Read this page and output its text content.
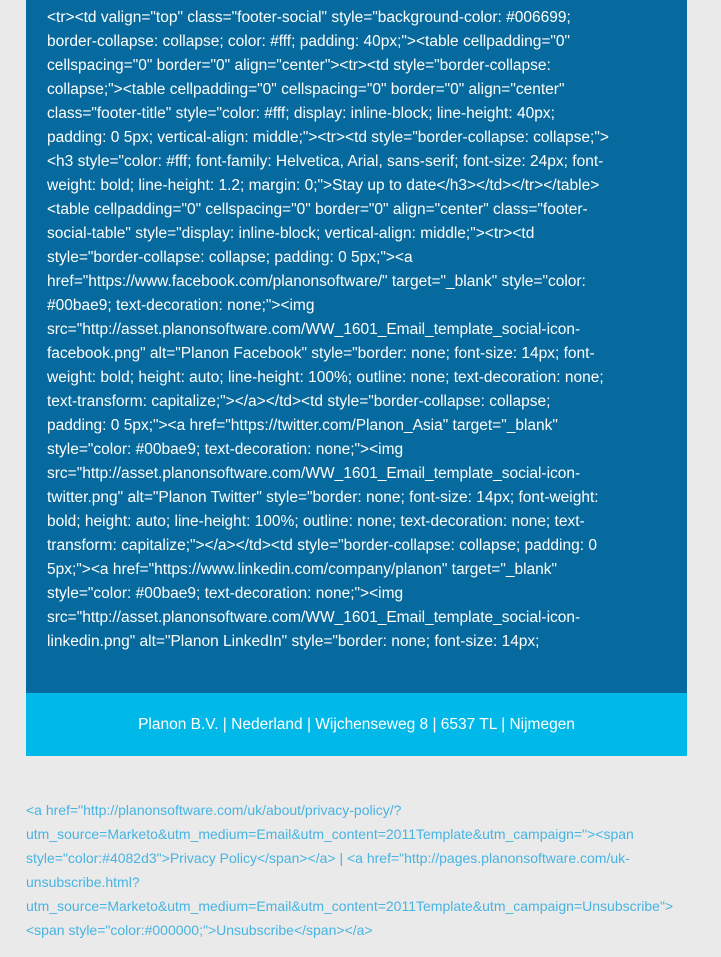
<tr><td valign="top" class="footer-social" style="background-color: #006699;
border-collapse: collapse; color: #fff; padding: 40px;"><table cellpadding="0"
cellspacing="0" border="0" align="center"><tr><td style="border-collapse:
collapse;"><table cellpadding="0" cellspacing="0" border="0" align="center"
class="footer-title" style="color: #fff; display: inline-block; line-height: 40px;
padding: 0 5px; vertical-align: middle;"><tr><td style="border-collapse: collapse;">
<h3 style="color: #fff; font-family: Helvetica, Arial, sans-serif; font-size: 24px; font-
weight: bold; line-height: 1.2; margin: 0;">Stay up to date</h3></td></tr></table>
<table cellpadding="0" cellspacing="0" border="0" align="center" class="footer-
social-table" style="display: inline-block; vertical-align: middle;"><tr><td
style="border-collapse: collapse; padding: 0 5px;"><a
href="https://www.facebook.com/planonsoftware/" target="_blank" style="color:
#00bae9; text-decoration: none;"><img
src="http://asset.planonsoftware.com/WW_1601_Email_template_social-icon-
facebook.png" alt="Planon Facebook" style="border: none; font-size: 14px; font-
weight: bold; height: auto; line-height: 100%; outline: none; text-decoration: none;
text-transform: capitalize;"></a></td><td style="border-collapse: collapse;
padding: 0 5px;"><a href="https://twitter.com/Planon_Asia" target="_blank"
style="color: #00bae9; text-decoration: none;"><img
src="http://asset.planonsoftware.com/WW_1601_Email_template_social-icon-
twitter.png" alt="Planon Twitter" style="border: none; font-size: 14px; font-weight:
bold; height: auto; line-height: 100%; outline: none; text-decoration: none; text-
transform: capitalize;"></a></td><td style="border-collapse: collapse; padding: 0
5px;"><a href="https://www.linkedin.com/company/planon" target="_blank"
style="color: #00bae9; text-decoration: none;"><img
src="http://asset.planonsoftware.com/WW_1601_Email_template_social-icon-
linkedin.png" alt="Planon LinkedIn" style="border: none; font-size: 14px;
Planon B.V. | Nederland | Wijchenseweg 8 | 6537 TL | Nijmegen
<a href="http://planonsoftware.com/uk/about/privacy-policy/?
utm_source=Marketo&utm_medium=Email&utm_content=2011Template&utm_campaign="><span
style="color:#4082d3">Privacy Policy</span></a> | <a href="http://pages.planonsoftware.com/uk-
unsubscribe.html?
utm_source=Marketo&utm_medium=Email&utm_content=2011Template&utm_campaign=Unsubscribe">
<span style="color:#000000;">Unsubscribe</span></a>
